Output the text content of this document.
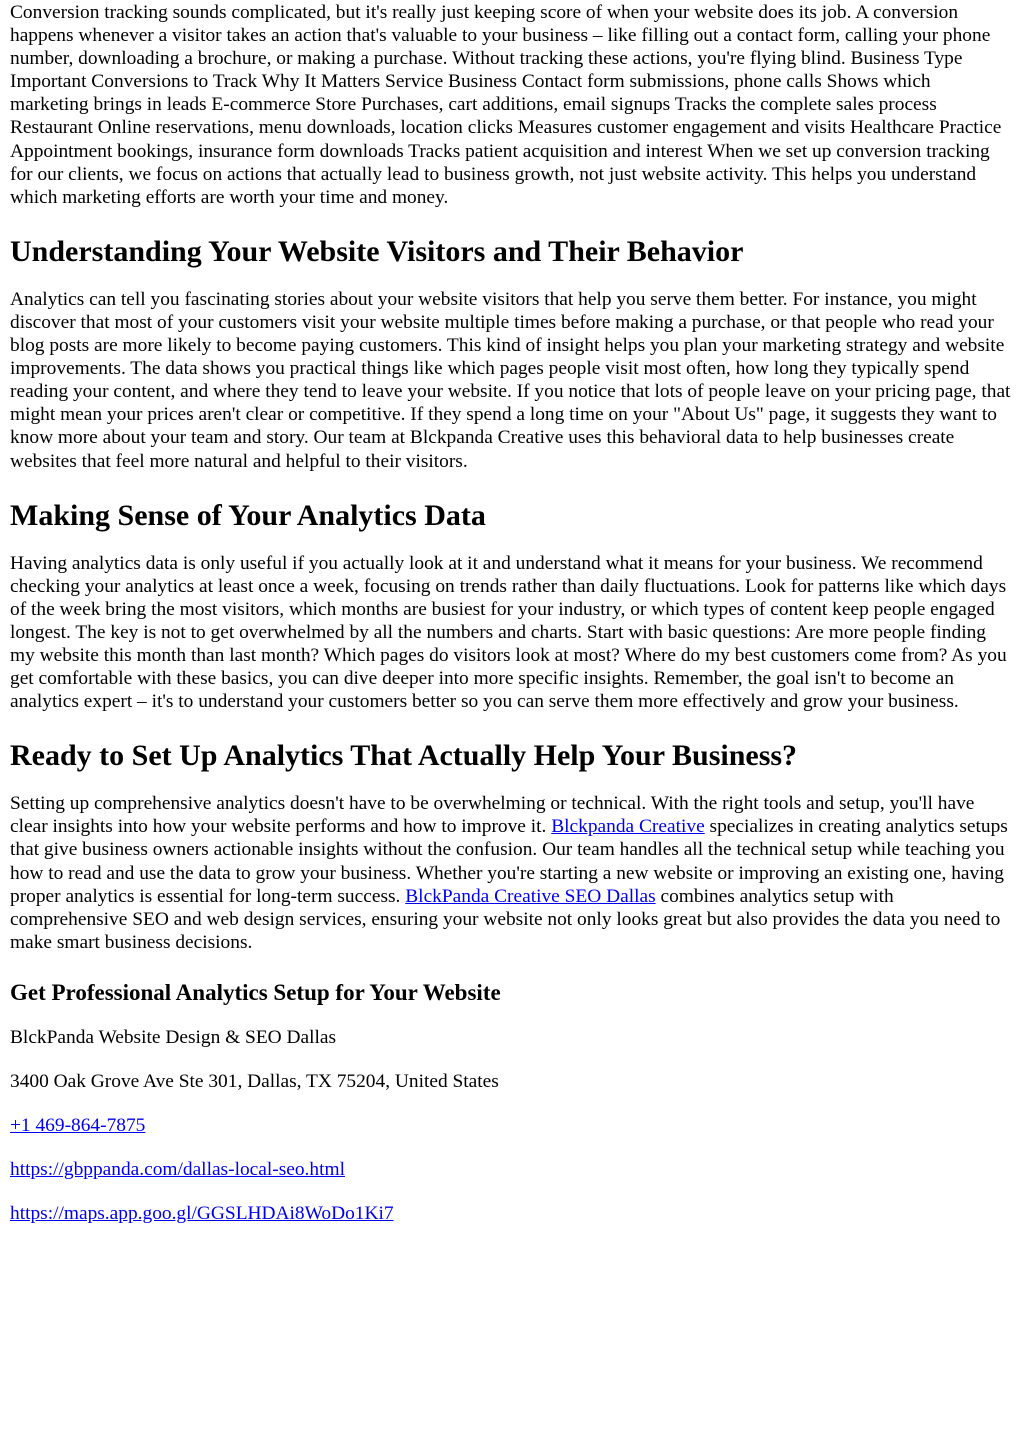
Conversion tracking sounds complicated, but it's really just keeping score of when your website does its job. A conversion happens whenever a visitor takes an action that's valuable to your business – like filling out a contact form, calling your phone number, downloading a brochure, or making a purchase. Without tracking these actions, you're flying blind. Business Type Important Conversions to Track Why It Matters Service Business Contact form submissions, phone calls Shows which marketing brings in leads E-commerce Store Purchases, cart additions, email signups Tracks the complete sales process Restaurant Online reservations, menu downloads, location clicks Measures customer engagement and visits Healthcare Practice Appointment bookings, insurance form downloads Tracks patient acquisition and interest When we set up conversion tracking for our clients, we focus on actions that actually lead to business growth, not just website activity. This helps you understand which marketing efforts are worth your time and money.

Understanding Your Website Visitors and Their Behavior

Analytics can tell you fascinating stories about your website visitors that help you serve them better. For instance, you might discover that most of your customers visit your website multiple times before making a purchase, or that people who read your blog posts are more likely to become paying customers. This kind of insight helps you plan your marketing strategy and website improvements. The data shows you practical things like which pages people visit most often, how long they typically spend reading your content, and where they tend to leave your website. If you notice that lots of people leave on your pricing page, that might mean your prices aren't clear or competitive. If they spend a long time on your "About Us" page, it suggests they want to know more about your team and story. Our team at Blckpanda Creative uses this behavioral data to help businesses create websites that feel more natural and helpful to their visitors.

Making Sense of Your Analytics Data

Having analytics data is only useful if you actually look at it and understand what it means for your business. We recommend checking your analytics at least once a week, focusing on trends rather than daily fluctuations. Look for patterns like which days of the week bring the most visitors, which months are busiest for your industry, or which types of content keep people engaged longest. The key is not to get overwhelmed by all the numbers and charts. Start with basic questions: Are more people finding my website this month than last month? Which pages do visitors look at most? Where do my best customers come from? As you get comfortable with these basics, you can dive deeper into more specific insights. Remember, the goal isn't to become an analytics expert – it's to understand your customers better so you can serve them more effectively and grow your business.

Ready to Set Up Analytics That Actually Help Your Business?

Setting up comprehensive analytics doesn't have to be overwhelming or technical. With the right tools and setup, you'll have clear insights into how your website performs and how to improve it. Blckpanda Creative specializes in creating analytics setups that give business owners actionable insights without the confusion. Our team handles all the technical setup while teaching you how to read and use the data to grow your business. Whether you're starting a new website or improving an existing one, having proper analytics is essential for long-term success. BlckPanda Creative SEO Dallas combines analytics setup with comprehensive SEO and web design services, ensuring your website not only looks great but also provides the data you need to make smart business decisions.

Get Professional Analytics Setup for Your Website

BlckPanda Website Design & SEO Dallas

3400 Oak Grove Ave Ste 301, Dallas, TX 75204, United States

+1 469-864-7875

https://gbppanda.com/dallas-local-seo.html

https://maps.app.goo.gl/GGSLHDAi8WoDo1Ki7
